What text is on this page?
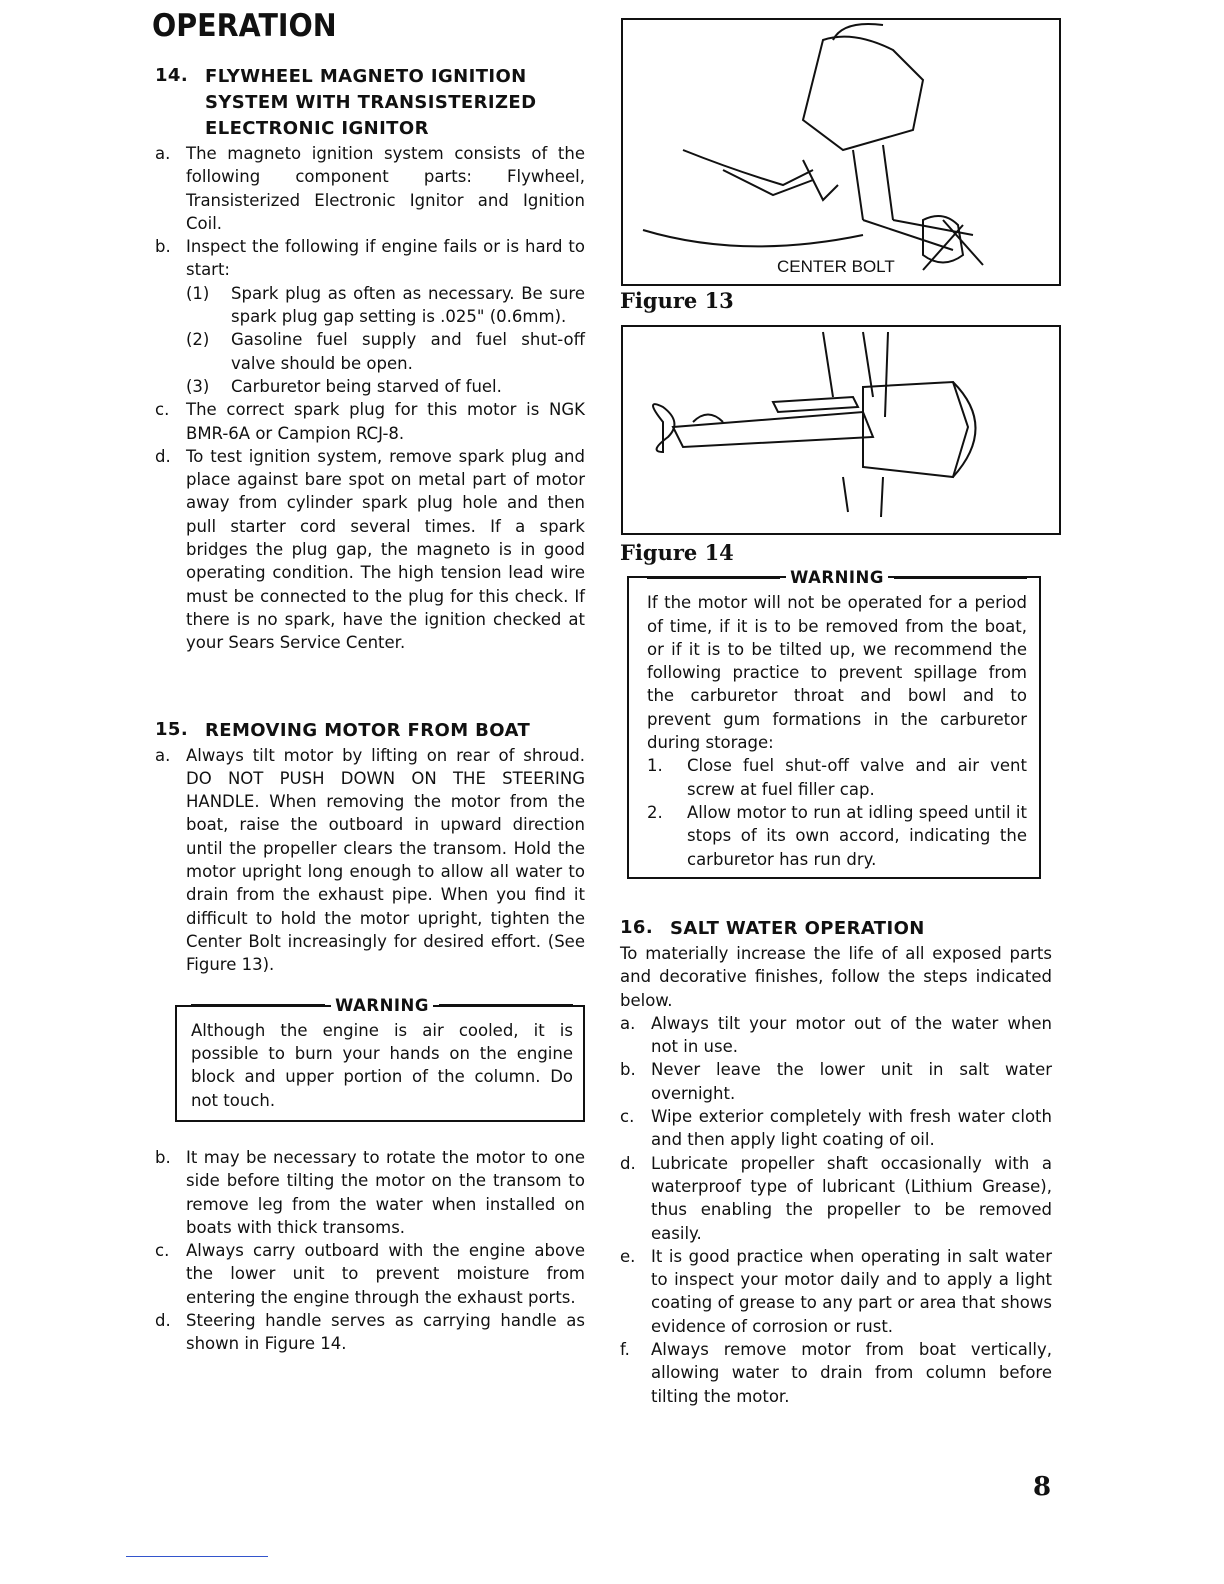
OPERATION
14. FLYWHEEL MAGNETO IGNITION SYSTEM WITH TRANSISTERIZED ELECTRONIC IGNITOR
a. The magneto ignition system consists of the following component parts: Flywheel, Transisterized Electronic Ignitor and Ignition Coil.
b. Inspect the following if engine fails or is hard to start:
(1)	Spark plug as often as necessary. Be sure spark plug gap setting is .025" (0.6mm).
(2)	Gasoline fuel supply and fuel shut-off valve should be open.
(3)	Carburetor being starved of fuel.
c.	The correct spark plug for this motor is NGK BMR-6A or Campion RCJ-8.
d. To test ignition system, remove spark plug and place against bare spot on metal part of motor away from cylinder spark plug hole and then pull starter cord several times. If a spark bridges the plug gap, the magneto is in good operating condition. The high tension lead wire must be connected to the plug for this check. If there is no spark, have the ignition checked at your Sears Service Center.
15. REMOVING MOTOR FROM BOAT
a. Always tilt motor by lifting on rear of shroud. DO NOT PUSH DOWN ON THE STEERING HANDLE. When removing the motor from the boat, raise the outboard in upward direction until the propeller clears the transom. Hold the motor upright long enough to allow all water to drain from the exhaust pipe. When you find it difficult to hold the motor upright, tighten the Center Bolt increasingly for desired effort. (See Figure 13).
WARNING
Although the engine is air cooled, it is possible to burn your hands on the engine block and upper portion of the column. Do not touch.
b. It may be necessary to rotate the motor to one side before tilting the motor on the transom to remove leg from the water when installed on boats with thick transoms.
c.	Always carry outboard with the engine above the lower unit to prevent moisture from entering the engine through the exhaust ports.
d. Steering handle serves as carrying handle as shown in Figure 14.
CENTER BOLT
Figure 13
Figure 14
WARNING
If the motor will not be operated for a period of time, if it is to be removed from the boat, or if it is to be tilted up, we recommend the following practice to prevent spillage from the carburetor throat and bowl and to prevent gum formations in the carburetor during storage:
1.	Close fuel shut-off valve and air vent screw at fuel filler cap.
2.	Allow motor to run at idling speed until it stops of its own accord, indicating the carburetor has run dry.
16. SALT WATER OPERATION
To materially increase the life of all exposed parts and decorative finishes, follow the steps indicated below.
a. Always tilt your motor out of the water when not in use.
b. Never leave the lower unit in salt water overnight.
c.	Wipe exterior completely with fresh water cloth and then apply light coating of oil.
d. Lubricate propeller shaft occasionally with a waterproof type of lubricant (Lithium Grease), thus enabling the propeller to be removed easily.
e. It is good practice when operating in salt water to inspect your motor daily and to apply a light coating of grease to any part or area that shows evidence of corrosion or rust.
f.	Always remove motor from boat vertically, allowing water to drain from column before tilting the motor.
8
